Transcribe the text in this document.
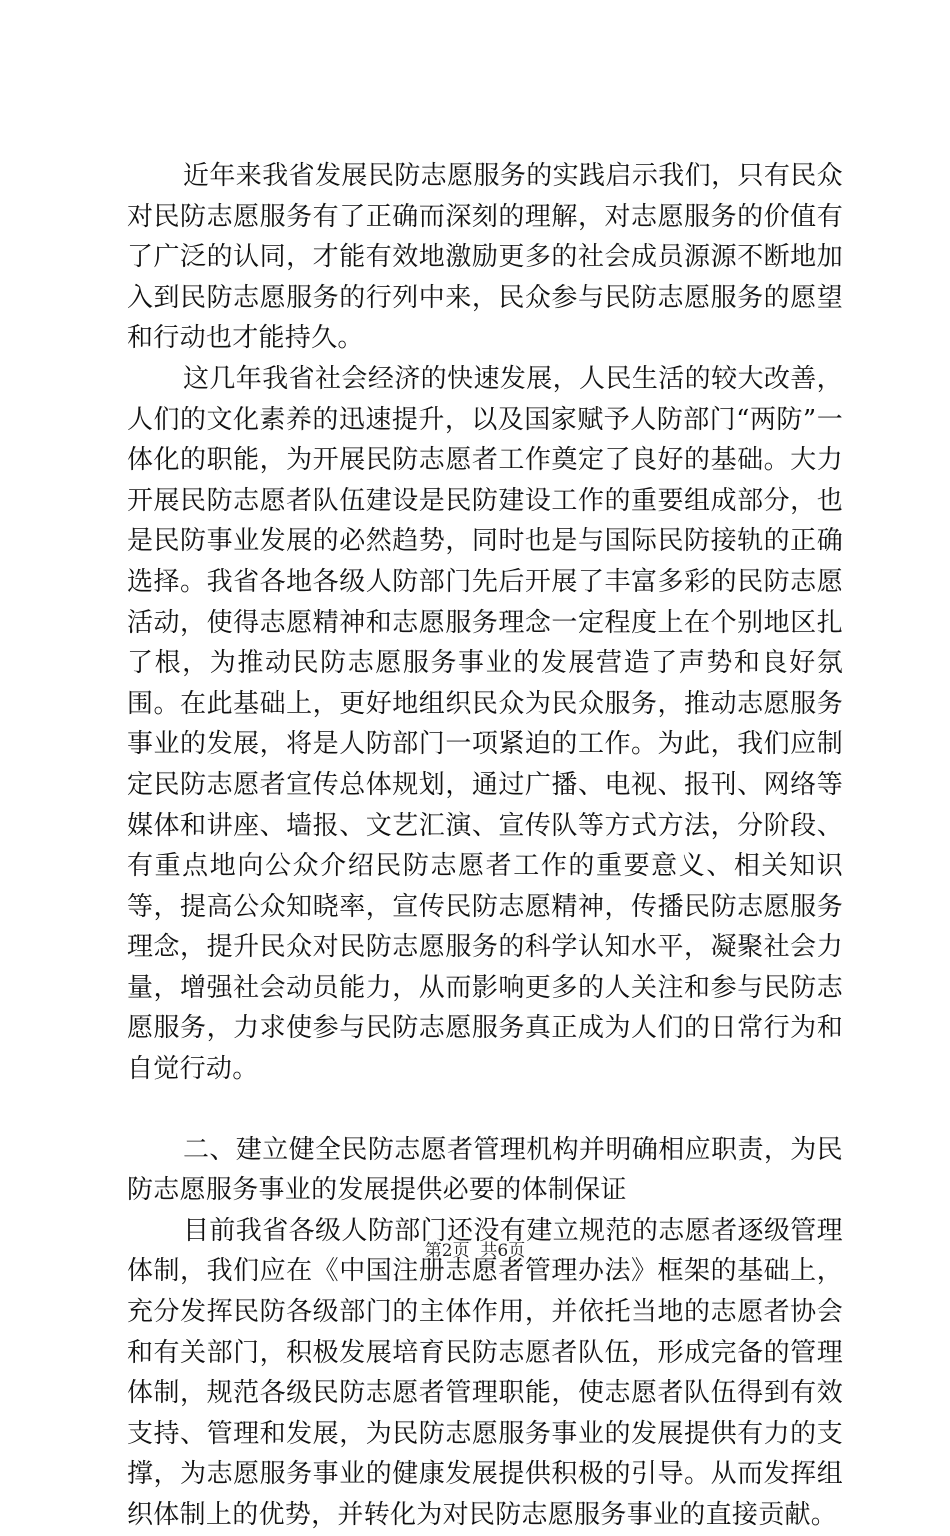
近年来我省发展民防志愿服务的实践启示我们，只有民众对民防志愿服务有了正确而深刻的理解，对志愿服务的价值有了广泛的认同，才能有效地激励更多的社会成员源源不断地加入到民防志愿服务的行列中来，民众参与民防志愿服务的愿望和行动也才能持久。

这几年我省社会经济的快速发展，人民生活的较大改善，人们的文化素养的迅速提升，以及国家赋予人防部门“两防”一体化的职能，为开展民防志愿者工作奠定了良好的基础。大力开展民防志愿者队伍建设是民防建设工作的重要组成部分，也是民防事业发展的必然趋势，同时也是与国际民防接轨的正确选择。我省各地各级人防部门先后开展了丰富多彩的民防志愿活动，使得志愿精神和志愿服务理念一定程度上在个别地区扎了根，为推动民防志愿服务事业的发展营造了声势和良好氛围。在此基础上，更好地组织民众为民众服务，推动志愿服务事业的发展，将是人防部门一项紧迫的工作。为此，我们应制定民防志愿者宣传总体规划，通过广播、电视、报刊、网络等媒体和讲座、墙报、文艺汇演、宣传队等方式方法，分阶段、有重点地向公众介绍民防志愿者工作的重要意义、相关知识等，提高公众知晓率，宣传民防志愿精神，传播民防志愿服务理念，提升民众对民防志愿服务的科学认知水平，凝聚社会力量，增强社会动员能力，从而影响更多的人关注和参与民防志愿服务，力求使参与民防志愿服务真正成为人们的日常行为和自觉行动。

二、建立健全民防志愿者管理机构并明确相应职责，为民防志愿服务事业的发展提供必要的体制保证

目前我省各级人防部门还没有建立规范的志愿者逐级管理体制，我们应在《中国注册志愿者管理办法》框架的基础上，充分发挥民防各级部门的主体作用，并依托当地的志愿者协会和有关部门，积极发展培育民防志愿者队伍，形成完备的管理体制，规范各级民防志愿者管理职能，使志愿者队伍得到有效支持、管理和发展，为民防志愿服务事业的发展提供有力的支撑，为志愿服务事业的健康发展提供积极的引导。从而发挥组织体制上的优势，并转化为对民防志愿服务事业的直接贡献。

第2页  共6页
